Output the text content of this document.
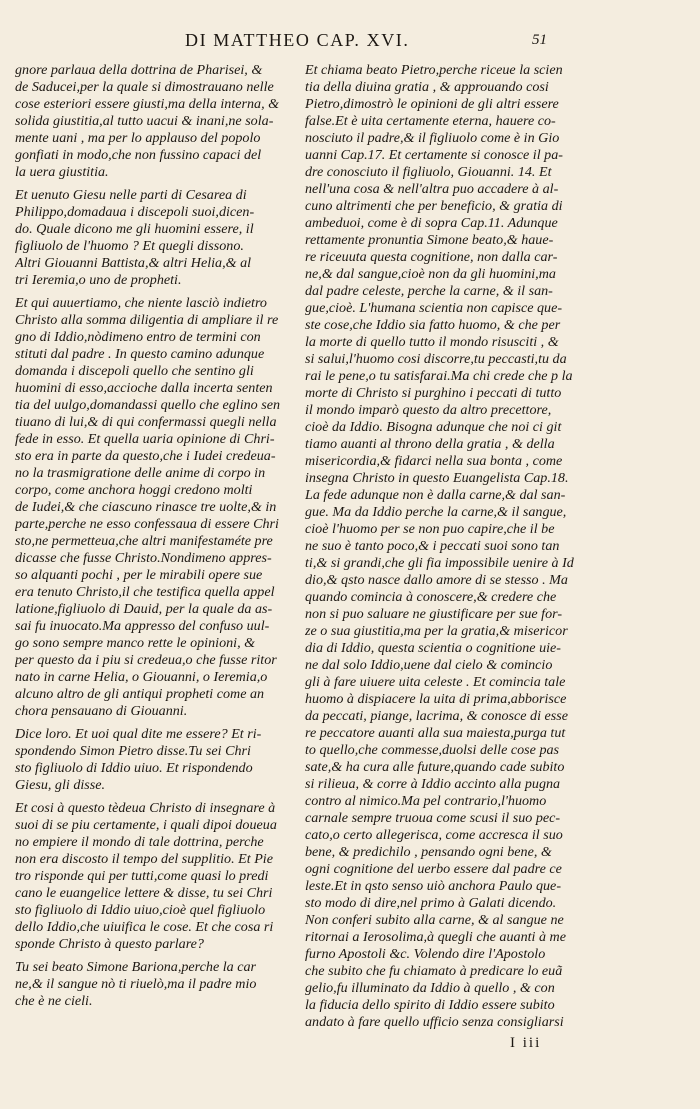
DI MATTHEO CAP. XVI.	51

gnore parlaua della dottrina de Pharisei, &
de Saducei,per la quale si dimostrauano nelle
cose esteriori essere giusti,ma della interna, &
solida giustitia,al tutto uacui & inani,ne sola-
mente uani , ma per lo applauso del popolo
gonfiati in modo,che non fussino capaci del
la uera giustitia.

Et uenuto Giesu nelle parti di Cesarea di
Philippo,domadaua i discepoli suoi,dicen-
do. Quale dicono me gli huomini essere, il
figliuolo de l'huomo ? Et quegli dissono.
Altri Giouanni Battista,& altri Helia,& al
tri Ieremia,o uno de propheti.

Et qui auuertiamo, che niente lasciò indietro
Christo alla somma diligentia di ampliare il re
gno di Iddio,nòdimeno entro de termini con
stituti dal padre . In questo camino adunque
domanda i discepoli quello che sentino gli
huomini di esso,accioche dalla incerta senten
tia del uulgo,domandassi quello che eglino sen
tiuano di lui,& di qui confermassi quegli nella
fede in esso. Et quella uaria opinione di Chri-
sto era in parte da questo,che i Iudei credeua-
no la trasmigratione delle anime di corpo in
corpo, come anchora hoggi credono molti
de Iudei,& che ciascuno rinasce tre uolte,& in
parte,perche ne esso confessaua di essere Chri
sto,ne permetteua,che altri manifestaméte pre
dicasse che fusse Christo.Nondimeno appres-
so alquanti pochi , per le mirabili opere sue
era tenuto Christo,il che testifica quella appel
latione,figliuolo di Dauid, per la quale da as-
sai fu inuocato.Ma appresso del confuso uul-
go sono sempre manco rette le opinioni, &
per questo da i piu si credeua,o che fusse ritor
nato in carne Helia, o Giouanni, o Ieremia,o
alcuno altro de gli antiqui propheti come an
chora pensauano di Giouanni.

Dice loro. Et uoi qual dite me essere? Et ri-
spondendo Simon Pietro disse.Tu sei Chri
sto figliuolo di Iddio uiuo. Et rispondendo
Giesu, gli disse.

Et cosi à questo tèdeua Christo di insegnare à
suoi di se piu certamente, i quali dipoi doueua
no empiere il mondo di tale dottrina, perche
non era discosto il tempo del supplitio. Et Pie
tro risponde qui per tutti,come quasi lo predi
cano le euangelice lettere & disse, tu sei Chri
sto figliuolo di Iddio uiuo,cioè quel figliuolo
dello Iddio,che uiuifica le cose. Et che cosa ri
sponde Christo à questo parlare?

Tu sei beato Simone Bariona,perche la car
ne,& il sangue nò ti riuelò,ma il padre mio
che è ne cieli.

Et chiama beato Pietro,perche riceue la scien
tia della diuina gratia , & approuando cosi
Pietro,dimostrò le opinioni de gli altri essere
false.Et è uita certamente eterna, hauere co-
nosciuto il padre,& il figliuolo come è in Gio
uanni Cap.17. Et certamente si conosce il pa-
dre conosciuto il figliuolo, Giouanni. 14. Et
nell'una cosa & nell'altra puo accadere à al-
cuno altrimenti che per beneficio, & gratia di
ambeduoi, come è di sopra Cap.11. Adunque
rettamente pronuntia Simone beato,& haue-
re riceuuta questa cognitione, non dalla car-
ne,& dal sangue,cioè non da gli huomini,ma
dal padre celeste, perche la carne, & il san-
gue,cioè. L'humana scientia non capisce que-
ste cose,che Iddio sia fatto huomo, & che per
la morte di quello tutto il mondo risusciti , &
si salui,l'huomo cosi discorre,tu peccasti,tu da
rai le pene,o tu satisfarai.Ma chi crede che p la
morte di Christo si purghino i peccati di tutto
il mondo imparò questo da altro precettore,
cioè da Iddio. Bisogna adunque che noi ci git
tiamo auanti al throno della gratia , & della
misericordia,& fidarci nella sua bonta , come
insegna Christo in questo Euangelista Cap.18.
La fede adunque non è dalla carne,& dal san-
gue. Ma da Iddio perche la carne,& il sangue,
cioè l'huomo per se non puo capire,che il be
ne suo è tanto poco,& i peccati suoi sono tan
ti,& si grandi,che gli fia impossibile uenire à Id
dio,& qsto nasce dallo amore di se stesso . Ma
quando comincia à conoscere,& credere che
non si puo saluare ne giustificare per sue for-
ze o sua giustitia,ma per la gratia,& misericor
dia di Iddio, questa scientia o cognitione uie-
ne dal solo Iddio,uene dal cielo & comincio
gli à fare uiuere uita celeste . Et comincia tale
huomo à dispiacere la uita di prima,abborisce
da peccati, piange, lacrima, & conosce di esse
re peccatore auanti alla sua maiesta,purga tut
to quello,che commesse,duolsi delle cose pas
sate,& ha cura alle future,quando cade subito
si rilieua, & corre à Iddio accinto alla pugna
contro al nimico.Ma pel contrario,l'huomo
carnale sempre truoua come scusi il suo pec-
cato,o certo allegerisca, come accresca il suo
bene, & predichilo , pensando ogni bene, &
ogni cognitione del uerbo essere dal padre ce
leste.Et in qsto senso uiò anchora Paulo que-
sto modo di dire,nel primo à Galati dicendo.
Non conferi subito alla carne, & al sangue ne
ritornai a Ierosolima,à quegli che auanti à me
furno Apostoli &c. Volendo dire l'Apostolo
che subito che fu chiamato à predicare lo euã
gelio,fu illuminato da Iddio à quello , & con
la fiducia dello spirito di Iddio essere subito
andato à fare quello ufficio senza consigliarsi

I iii
